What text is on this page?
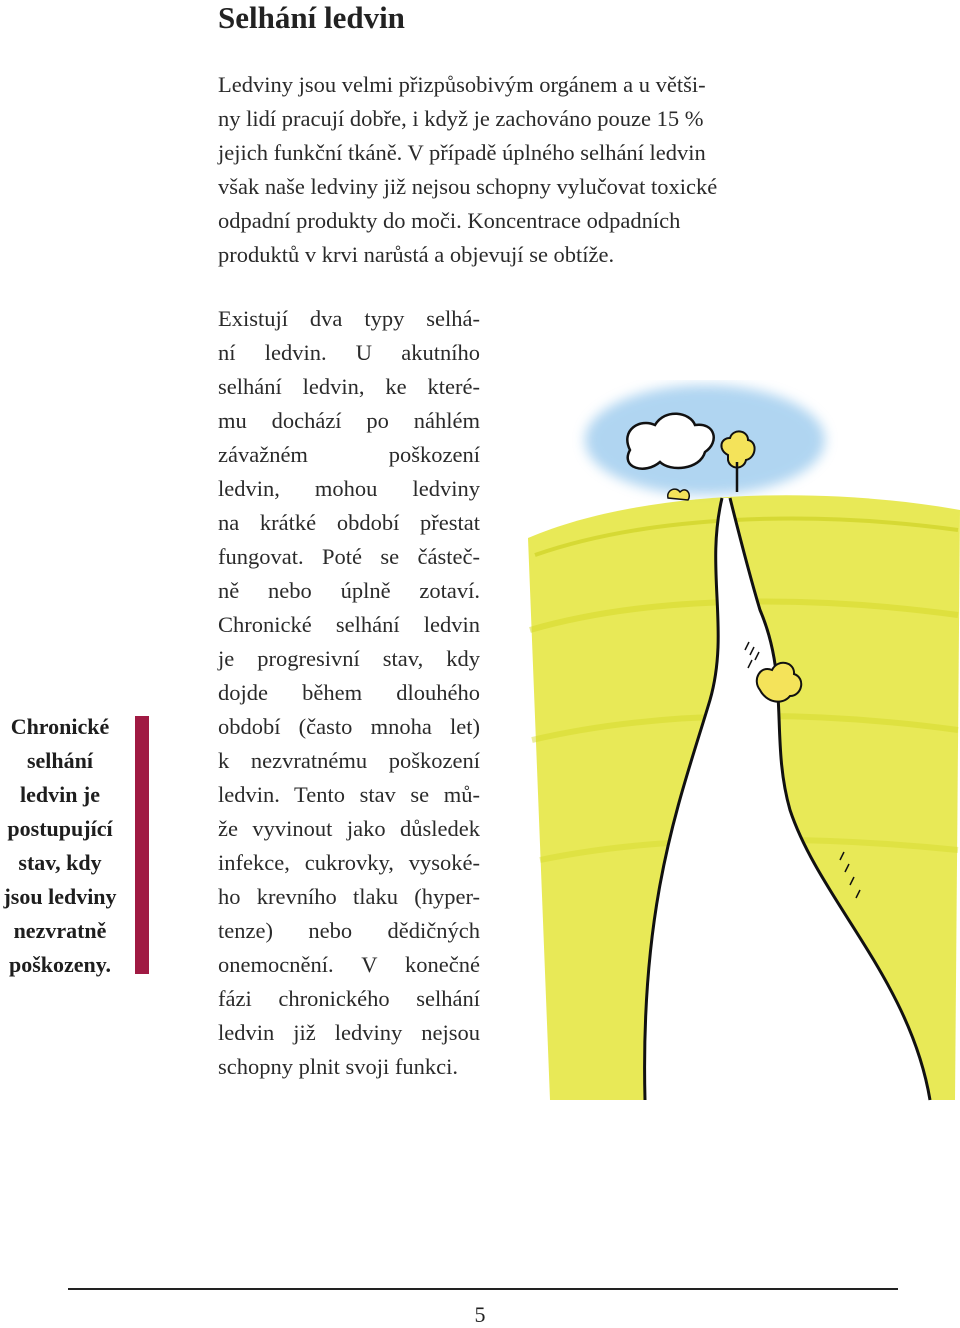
Selhání ledvin

Ledviny jsou velmi přizpůsobivým orgánem a u větši-
ny lidí pracují dobře, i když je zachováno pouze 15 %
jejich funkční tkáně. V případě úplného selhání ledvin
však naše ledviny již nejsou schopny vylučovat toxické
odpadní produkty do moči. Koncentrace odpadních
produktů v krvi narůstá a objevují se obtíže.

Existují dva typy selhá-
ní ledvin. U akutního
selhání ledvin, ke které-
mu dochází po náhlém
závažném poškození
ledvin, mohou ledviny
na krátké období přestat
fungovat. Poté se částeč-
ně nebo úplně zotaví.
Chronické selhání ledvin
je progresivní stav, kdy
dojde během dlouhého
období (často mnoha let)
k nezvratnému poškození
ledvin. Tento stav se mů-
že vyvinout jako důsledek
infekce, cukrovky, vysoké-
ho krevního tlaku (hyper-
tenze) nebo dědičných
onemocnění. V konečné
fázi chronického selhání
ledvin již ledviny nejsou
schopny plnit svoji funkci.

Chronické
selhání
ledvin je
postupující
stav, kdy
jsou ledviny
nezvratně
poškozeny.
5
